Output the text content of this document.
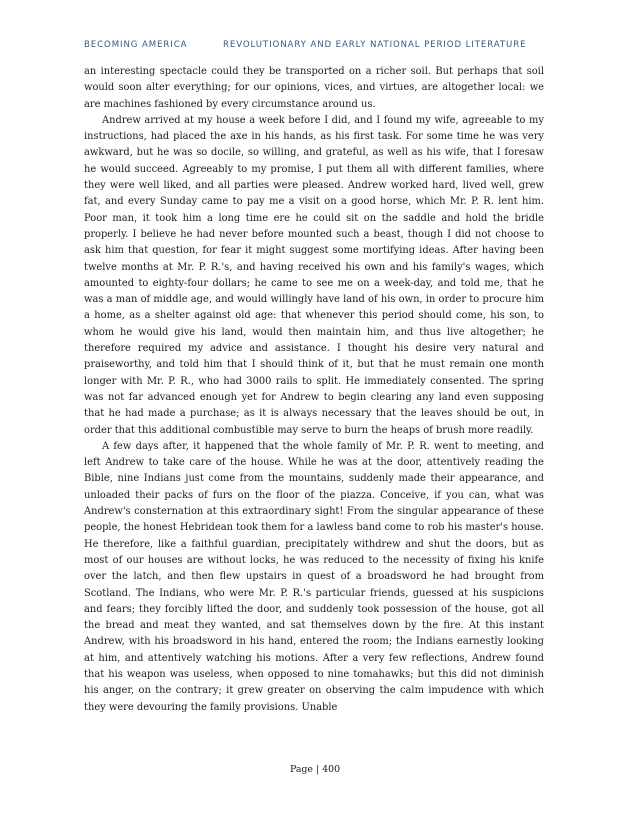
BECOMING AMERICA	REVOLUTIONARY AND EARLY NATIONAL PERIOD LITERATURE

an interesting spectacle could they be transported on a richer soil. But perhaps that soil would soon alter everything; for our opinions, vices, and virtues, are altogether local: we are machines fashioned by every circumstance around us.

Andrew arrived at my house a week before I did, and I found my wife, agreeable to my instructions, had placed the axe in his hands, as his first task. For some time he was very awkward, but he was so docile, so willing, and grateful, as well as his wife, that I foresaw he would succeed. Agreeably to my promise, I put them all with different families, where they were well liked, and all parties were pleased. Andrew worked hard, lived well, grew fat, and every Sunday came to pay me a visit on a good horse, which Mr. P. R. lent him. Poor man, it took him a long time ere he could sit on the saddle and hold the bridle properly. I believe he had never before mounted such a beast, though I did not choose to ask him that question, for fear it might suggest some mortifying ideas. After having been twelve months at Mr. P. R.'s, and having received his own and his family's wages, which amounted to eighty-four dollars; he came to see me on a week-day, and told me, that he was a man of middle age, and would willingly have land of his own, in order to procure him a home, as a shelter against old age: that whenever this period should come, his son, to whom he would give his land, would then maintain him, and thus live altogether; he therefore required my advice and assistance. I thought his desire very natural and praiseworthy, and told him that I should think of it, but that he must remain one month longer with Mr. P. R., who had 3000 rails to split. He immediately consented. The spring was not far advanced enough yet for Andrew to begin clearing any land even supposing that he had made a purchase; as it is always necessary that the leaves should be out, in order that this additional combustible may serve to burn the heaps of brush more readily.

A few days after, it happened that the whole family of Mr. P. R. went to meeting, and left Andrew to take care of the house. While he was at the door, attentively reading the Bible, nine Indians just come from the mountains, suddenly made their appearance, and unloaded their packs of furs on the floor of the piazza. Conceive, if you can, what was Andrew's consternation at this extraordinary sight! From the singular appearance of these people, the honest Hebridean took them for a lawless band come to rob his master's house. He therefore, like a faithful guardian, precipitately withdrew and shut the doors, but as most of our houses are without locks, he was reduced to the necessity of fixing his knife over the latch, and then flew upstairs in quest of a broadsword he had brought from Scotland. The Indians, who were Mr. P. R.'s particular friends, guessed at his suspicions and fears; they forcibly lifted the door, and suddenly took possession of the house, got all the bread and meat they wanted, and sat themselves down by the fire. At this instant Andrew, with his broadsword in his hand, entered the room; the Indians earnestly looking at him, and attentively watching his motions. After a very few reflections, Andrew found that his weapon was useless, when opposed to nine tomahawks; but this did not diminish his anger, on the contrary; it grew greater on observing the calm impudence with which they were devouring the family provisions. Unable

Page | 400
